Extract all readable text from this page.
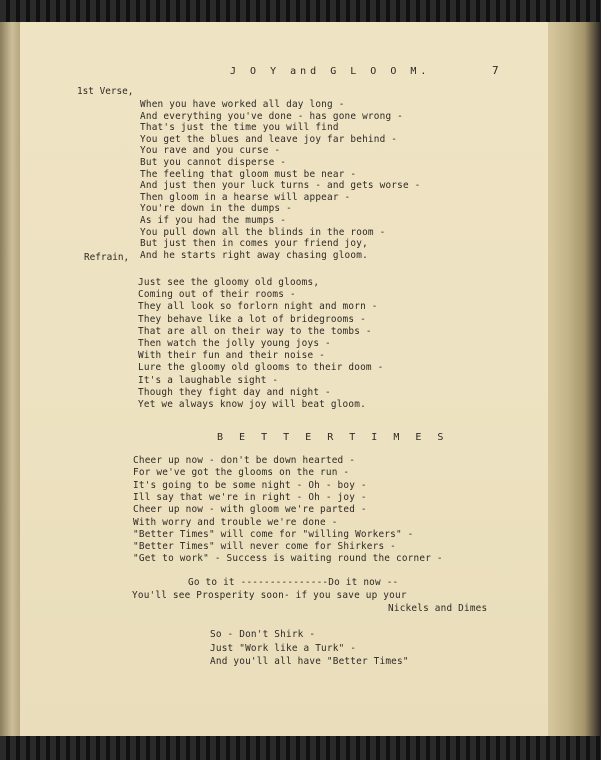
J O Y and G L O O M.	7
1st Verse,
When you have worked all day long -
And everything you've done - has gone wrong -
That's just the time you will find
You get the blues and leave joy far behind -
You rave and you curse -
But you cannot disperse -
The feeling that gloom must be near -
And just then your luck turns - and gets worse -
Then gloom in a hearse will appear -
You're down in the dumps -
As if you had the mumps -
You pull down all the blinds in the room -
But just then in comes your friend joy,
And he starts right away chasing gloom.
Refrain,
Just see the gloomy old glooms,
Coming out of their rooms -
They all look so forlorn night and morn -
They behave like a lot of bridegrooms -
That are all on their way to the tombs -
Then watch the jolly young joys -
With their fun and their noise -
Lure the gloomy old glooms to their doom -
It's a laughable sight -
Though they fight day and night -
Yet we always know joy will beat gloom.
B E T T E R T I M E S
Cheer up now - don't be down hearted -
For we've got the glooms on the run -
It's going to be some night - Oh - boy -
Ill say that we're in right - Oh - joy -
Cheer up now - with gloom we're parted -
With worry and trouble we're done -
"Better Times" will come for "willing Workers" -
"Better Times" will never come for Shirkers -
"Get to work" - Success is waiting round the corner -
Go to it ---------------Do it now --
You'll see Prosperity soon- if you save up your
Nickels and Dimes
So - Don't Shirk -
Just "Work like a Turk" -
And you'll all have "Better Times"
